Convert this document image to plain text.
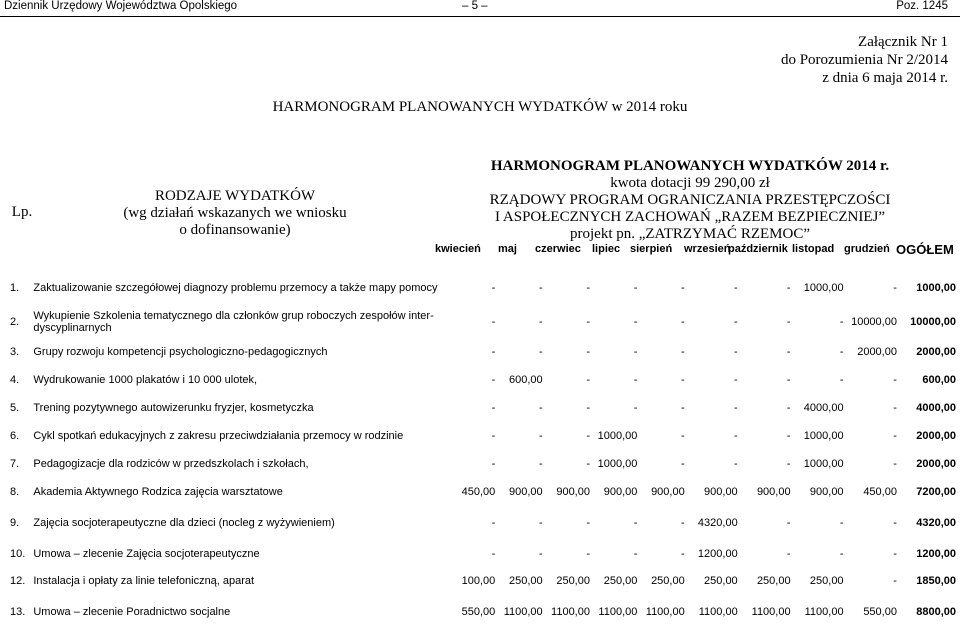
Dziennik Urzędowy Województwa Opolskiego	– 5 –	Poz. 1245
Załącznik Nr 1
do Porozumienia Nr 2/2014
z dnia 6 maja 2014 r.
HARMONOGRAM PLANOWANYCH WYDATKÓW w 2014 roku
Lp.
RODZAJE WYDATKÓW
(wg działań wskazanych we wniosku
o dofinansowanie)
HARMONOGRAM PLANOWANYCH WYDATKÓW 2014 r.
kwota dotacji 99 290,00 zł
RZĄDOWY PROGRAM OGRANICZANIA PRZESTĘPCZOŚCI
I ASPOŁECZNYCH ZACHOWAŃ „RAZEM BEZPIECZNIEJ”
projekt pn. „ZATRZYMAĆ RZEMOC”
kwiecień maj czerwiec lipiec sierpień wrzesień
październik listopad grudzień OGÓŁEM
1.	Zaktualizowanie szczegółowej diagnozy problemu przemocy a także mapy pomocy	-	-	-	-	-	-	-	1000,00	-	1000,00
2.	Wykupienie Szkolenia tematycznego dla członków grup roboczych zespołów inter-dyscyplinarnych	-	-	-	-	-	-	-	-	10000,00	10000,00
3.	Grupy rozwoju kompetencji psychologiczno-pedagogicznych	-	-	-	-	-	-	-	-	2000,00	2000,00
4.	Wydrukowanie 1000 plakatów i 10 000 ulotek,	-	600,00	-	-	-	-	-	-	-	600,00
5.	Trening pozytywnego autowizerunku fryzjer, kosmetyczka	-	-	-	-	-	-	-	4000,00	-	4000,00
6.	Cykl spotkań edukacyjnych z zakresu przeciwdziałania przemocy w rodzinie	-	-	-	1000,00	-	-	-	1000,00	-	2000,00
7.	Pedagogizacje dla rodziców w przedszkolach i szkołach,	-	-	-	1000,00	-	-	-	1000,00	-	2000,00
8.	Akademia Aktywnego Rodzica zajęcia warsztatowe	450,00	900,00	900,00	900,00	900,00	900,00	900,00	900,00	450,00	7200,00
9.	Zajęcia socjoterapeutyczne dla dzieci (nocleg z wyżywieniem)	-	-	-	-	-	4320,00	-	-	-	4320,00
10.	Umowa – zlecenie Zajęcia socjoterapeutyczne	-	-	-	-	-	1200,00	-	-	-	1200,00
12.	Instalacja i opłaty za linie telefoniczną, aparat	100,00	250,00	250,00	250,00	250,00	250,00	250,00	250,00	-	1850,00
13.	Umowa – zlecenie Poradnictwo socjalne	550,00	1100,00	1100,00	1100,00	1100,00	1100,00	1100,00	1100,00	550,00	8800,00
